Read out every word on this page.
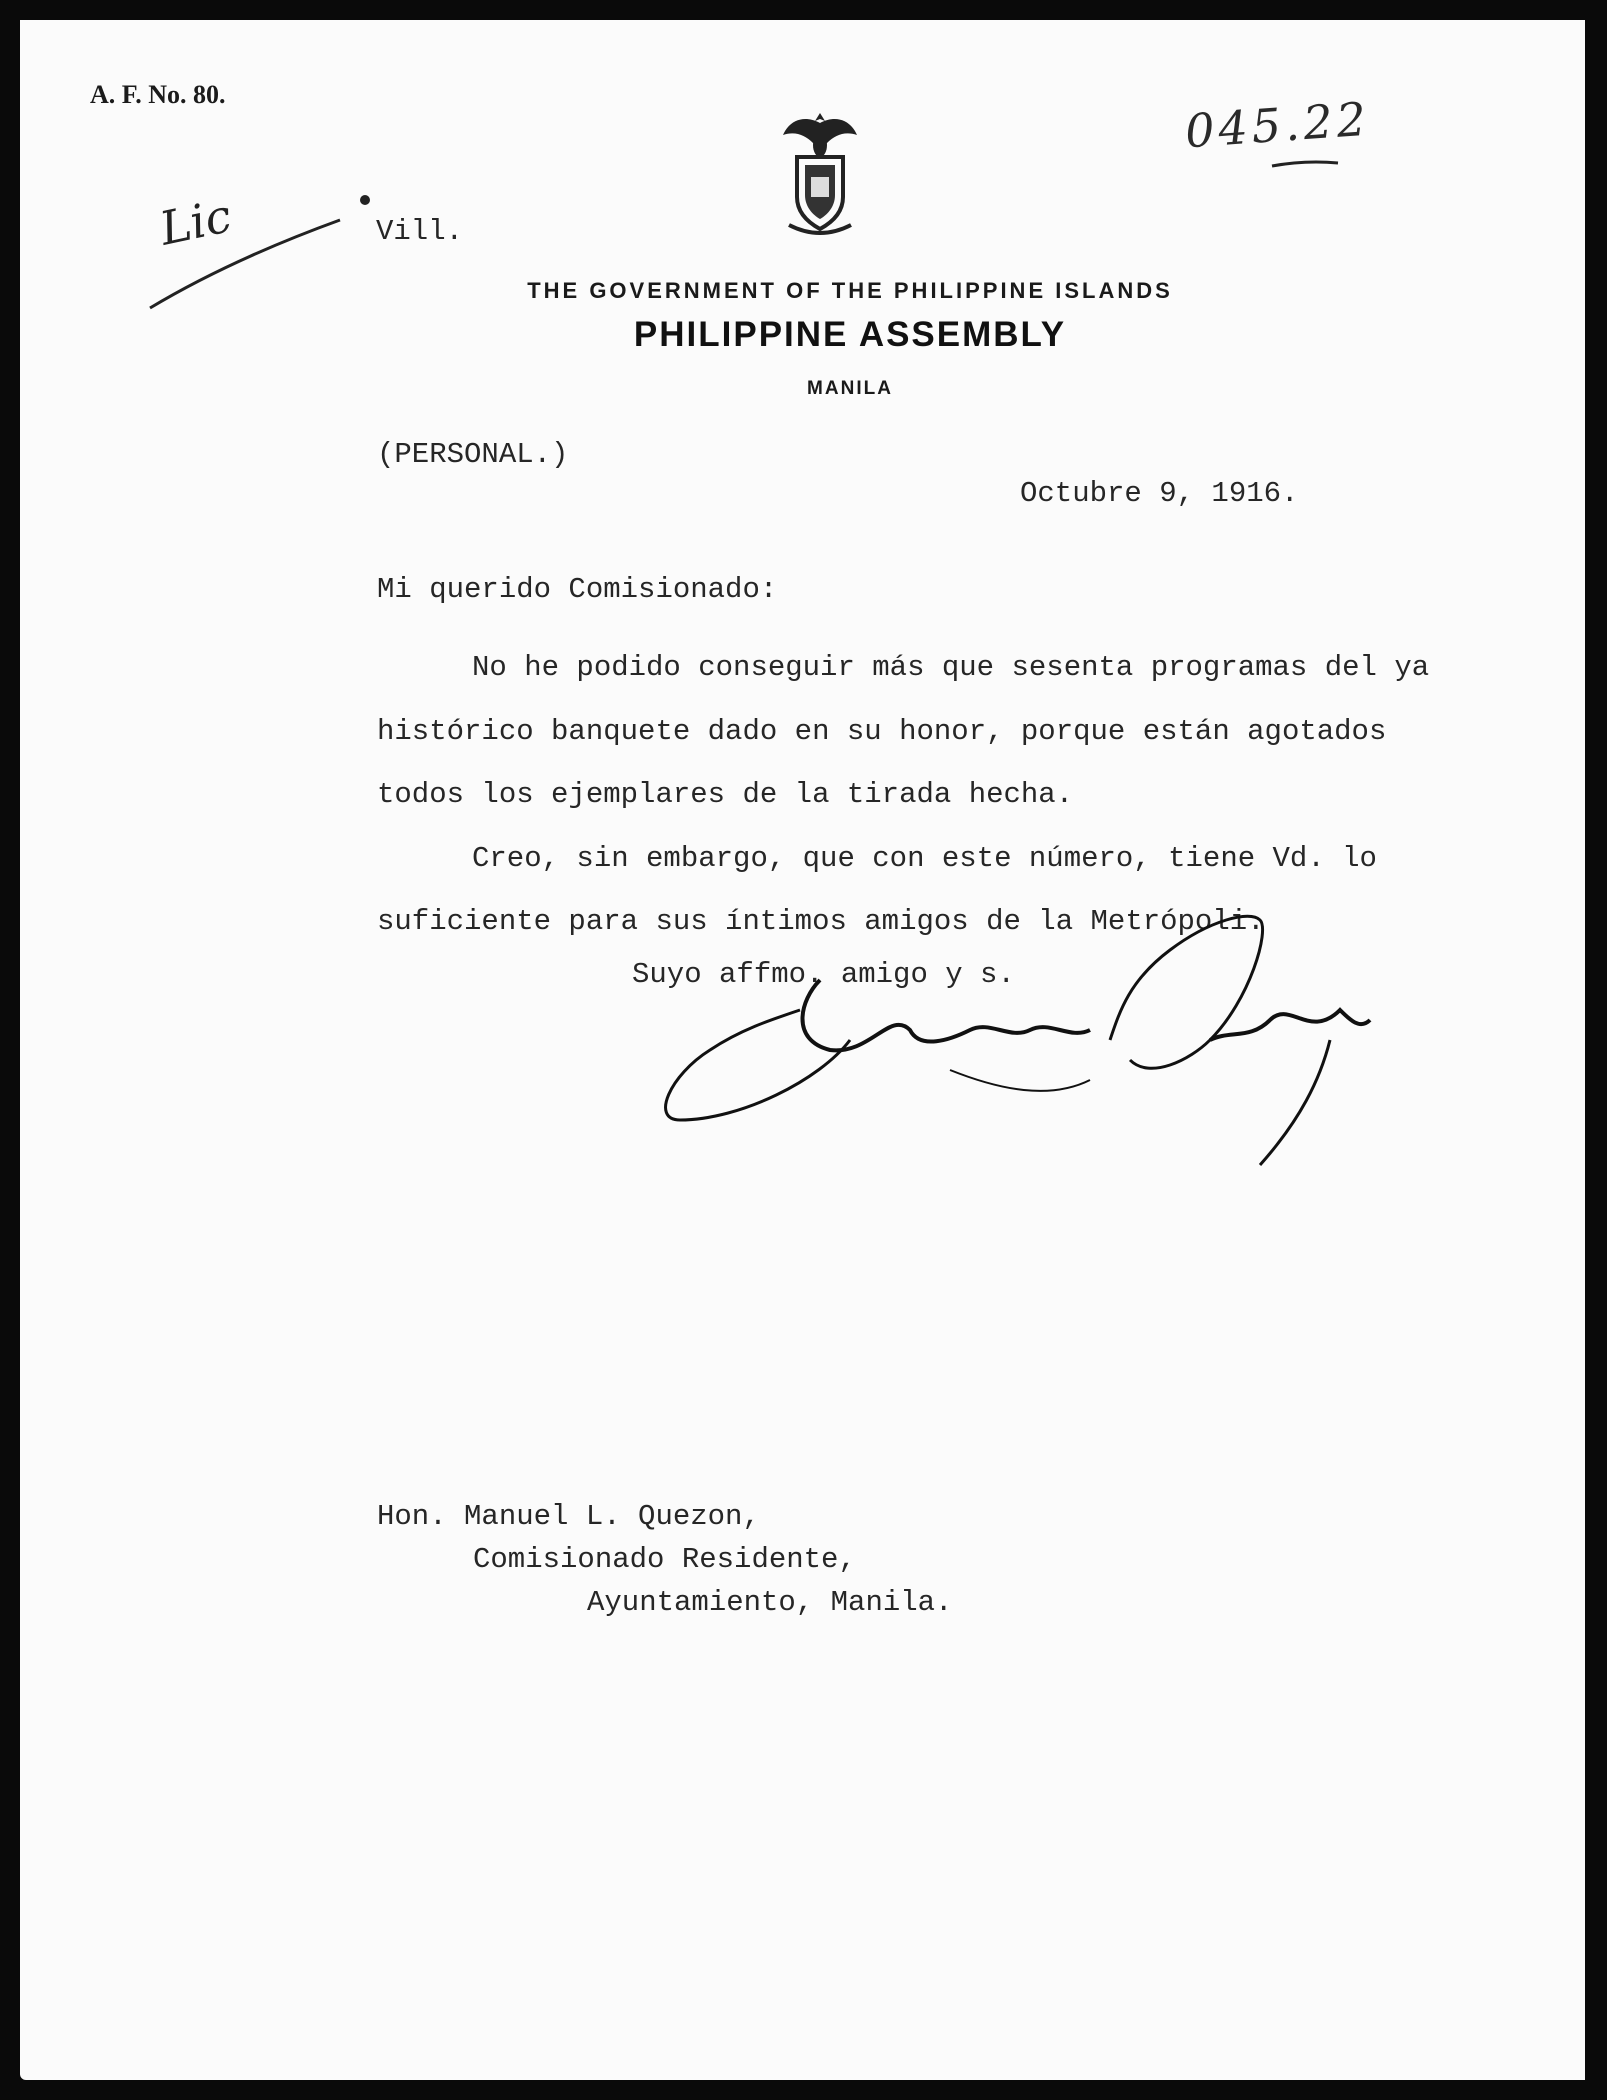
A. F. No. 80.	045.22
Lic	Vill.
THE GOVERNMENT OF THE PHILIPPINE ISLANDS
PHILIPPINE ASSEMBLY
MANILA
(PERSONAL.)
Octubre 9, 1916.
Mi querido Comisionado:

No he podido conseguir más que sesenta programas del ya histórico banquete dado en su honor, porque están agotados todos los ejemplares de la tirada hecha.

Creo, sin embargo, que con este número, tiene Vd. lo suficiente para sus íntimos amigos de la Metrópoli.

Suyo affmo. amigo y s.
Hon. Manuel L. Quezon,
Comisionado Residente,
Ayuntamiento, Manila.
